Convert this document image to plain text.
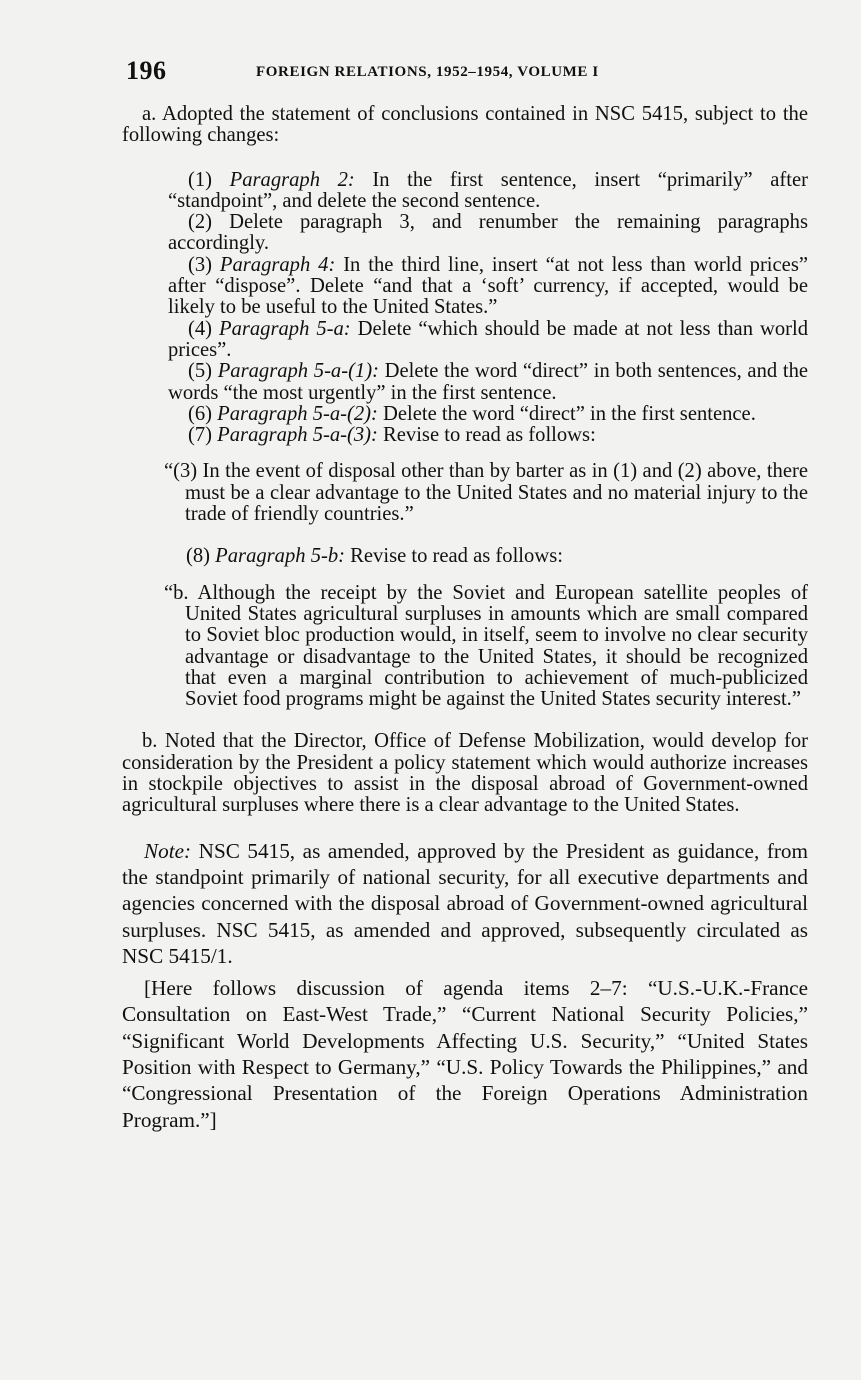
196	FOREIGN RELATIONS, 1952–1954, VOLUME I

a. Adopted the statement of conclusions contained in NSC 5415, subject to the following changes:

(1) Paragraph 2: In the first sentence, insert “primarily” after “standpoint”, and delete the second sentence.

(2) Delete paragraph 3, and renumber the remaining paragraphs accordingly.

(3) Paragraph 4: In the third line, insert “at not less than world prices” after “dispose”. Delete “and that a ‘soft’ currency, if accepted, would be likely to be useful to the United States.”

(4) Paragraph 5-a: Delete “which should be made at not less than world prices”.

(5) Paragraph 5-a-(1): Delete the word “direct” in both sentences, and the words “the most urgently” in the first sentence.

(6) Paragraph 5-a-(2): Delete the word “direct” in the first sentence.

(7) Paragraph 5-a-(3): Revise to read as follows:

“(3) In the event of disposal other than by barter as in (1) and (2) above, there must be a clear advantage to the United States and no material injury to the trade of friendly countries.”

(8) Paragraph 5-b: Revise to read as follows:

“b. Although the receipt by the Soviet and European satellite peoples of United States agricultural surpluses in amounts which are small compared to Soviet bloc production would, in itself, seem to involve no clear security advantage or disadvantage to the United States, it should be recognized that even a marginal contribution to achievement of much-publicized Soviet food programs might be against the United States security interest.”

b. Noted that the Director, Office of Defense Mobilization, would develop for consideration by the President a policy statement which would authorize increases in stockpile objectives to assist in the disposal abroad of Government-owned agricultural surpluses where there is a clear advantage to the United States.

Note: NSC 5415, as amended, approved by the President as guidance, from the standpoint primarily of national security, for all executive departments and agencies concerned with the disposal abroad of Government-owned agricultural surpluses. NSC 5415, as amended and approved, subsequently circulated as NSC 5415/1.

[Here follows discussion of agenda items 2–7: “U.S.-U.K.-France Consultation on East-West Trade,” “Current National Security Policies,” “Significant World Developments Affecting U.S. Security,” “United States Position with Respect to Germany,” “U.S. Policy Towards the Philippines,” and “Congressional Presentation of the Foreign Operations Administration Program.”]
